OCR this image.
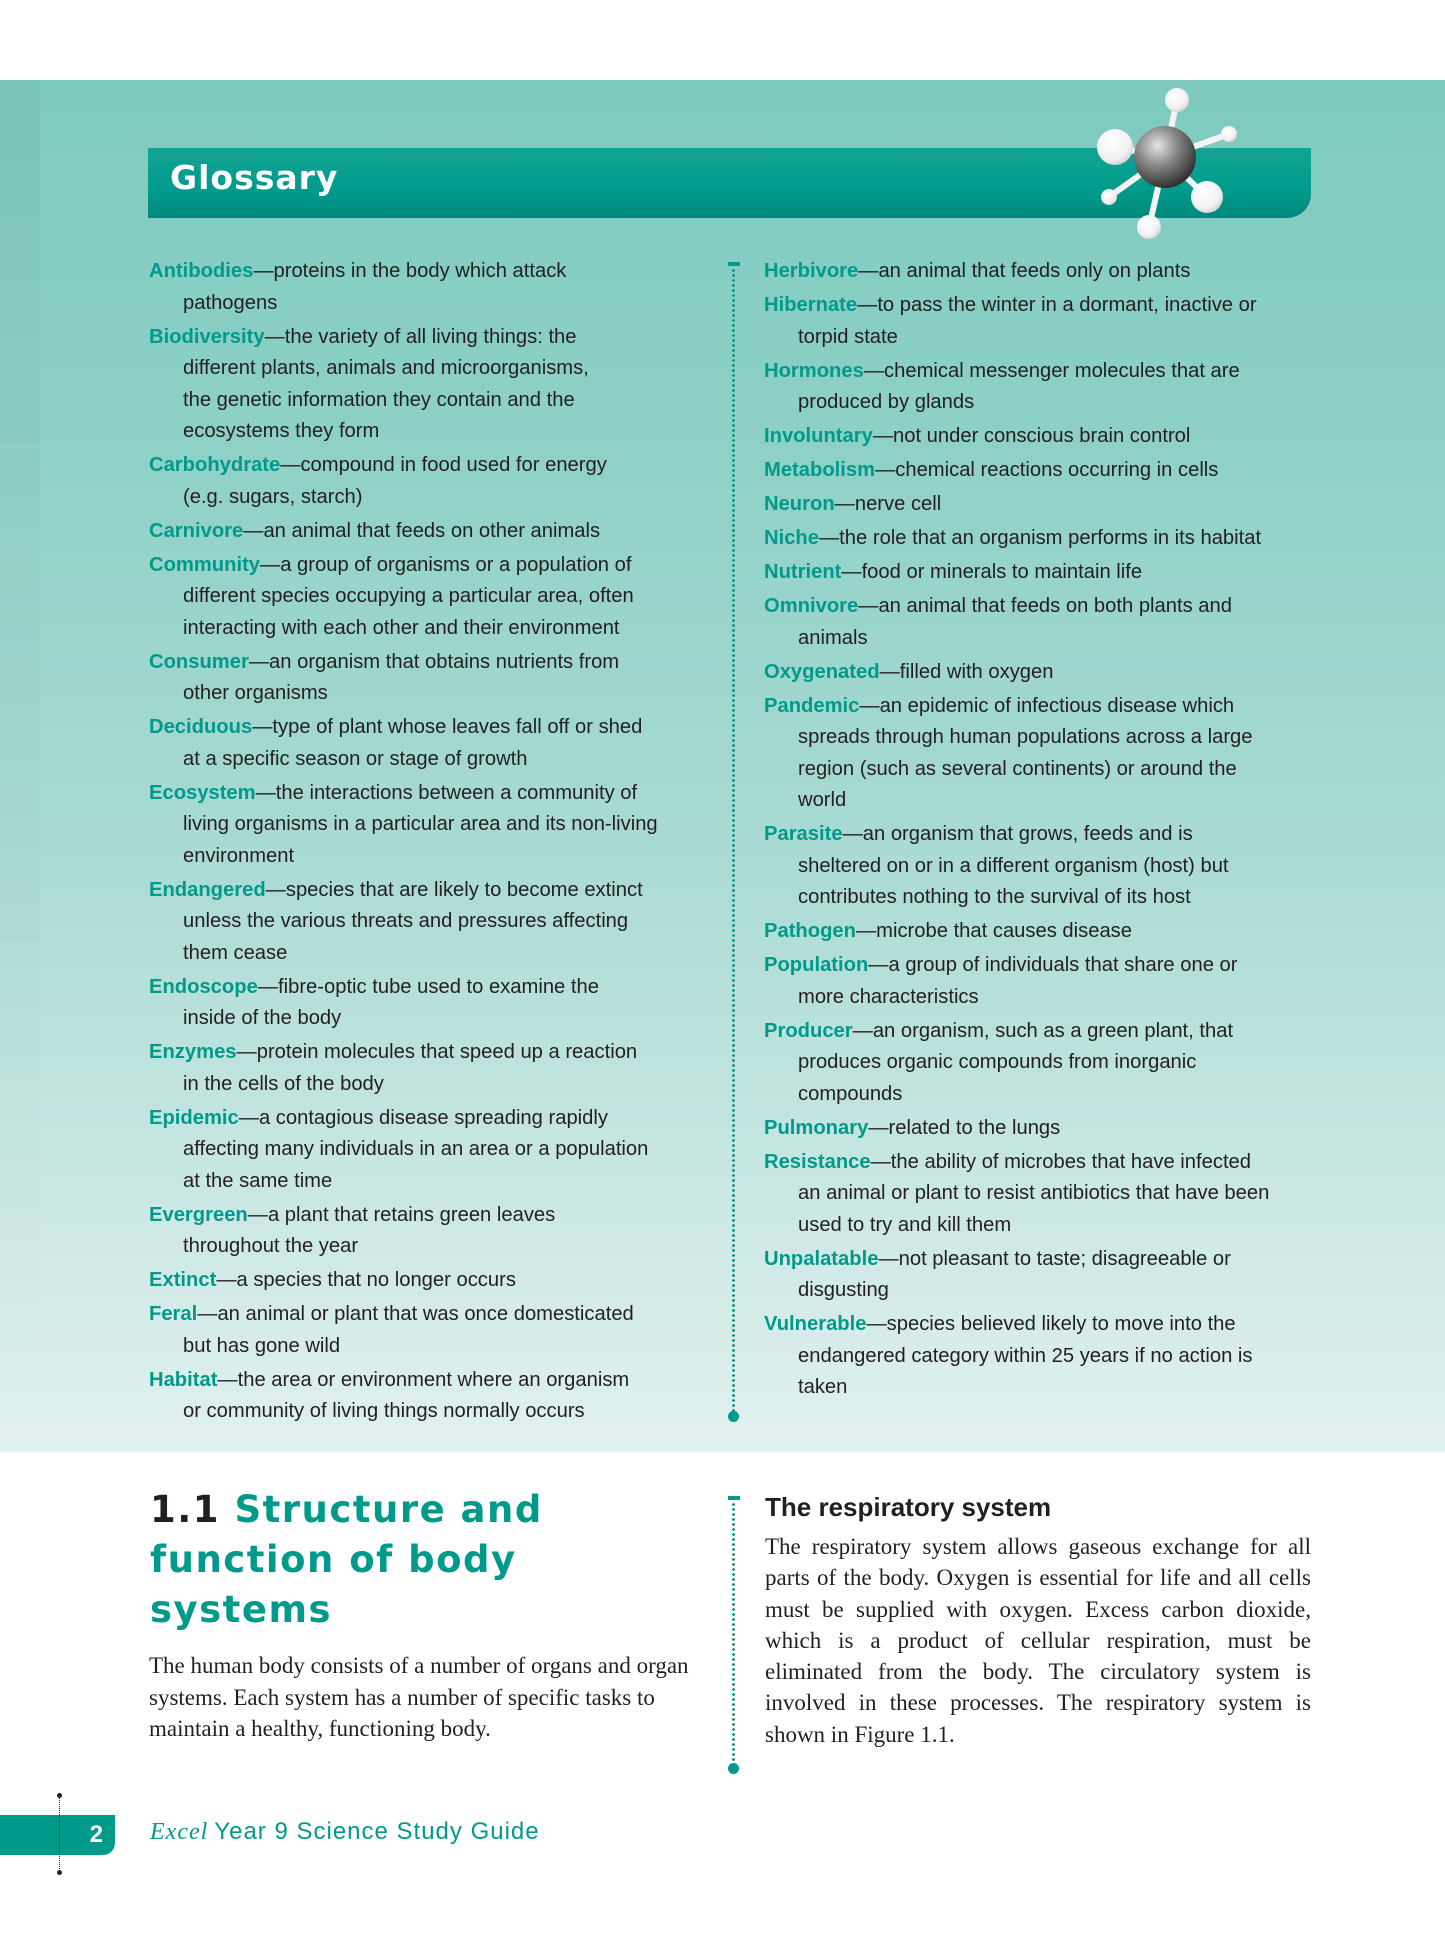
Glossary
Antibodies—proteins in the body which attack
pathogens
Biodiversity—the variety of all living things: the
different plants, animals and microorganisms,
the genetic information they contain and the
ecosystems they form
Carbohydrate—compound in food used for energy
(e.g. sugars, starch)
Carnivore—an animal that feeds on other animals
Community—a group of organisms or a population of
different species occupying a particular area, often
interacting with each other and their environment
Consumer—an organism that obtains nutrients from
other organisms
Deciduous—type of plant whose leaves fall off or shed
at a specific season or stage of growth
Ecosystem—the interactions between a community of
living organisms in a particular area and its non-living
environment
Endangered—species that are likely to become extinct
unless the various threats and pressures affecting
them cease
Endoscope—fibre-optic tube used to examine the
inside of the body
Enzymes—protein molecules that speed up a reaction
in the cells of the body
Epidemic—a contagious disease spreading rapidly
affecting many individuals in an area or a population
at the same time
Evergreen—a plant that retains green leaves
throughout the year
Extinct—a species that no longer occurs
Feral—an animal or plant that was once domesticated
but has gone wild
Habitat—the area or environment where an organism
or community of living things normally occurs
Herbivore—an animal that feeds only on plants
Hibernate—to pass the winter in a dormant, inactive or
torpid state
Hormones—chemical messenger molecules that are
produced by glands
Involuntary—not under conscious brain control
Metabolism—chemical reactions occurring in cells
Neuron—nerve cell
Niche—the role that an organism performs in its habitat
Nutrient—food or minerals to maintain life
Omnivore—an animal that feeds on both plants and
animals
Oxygenated—filled with oxygen
Pandemic—an epidemic of infectious disease which
spreads through human populations across a large
region (such as several continents) or around the
world
Parasite—an organism that grows, feeds and is
sheltered on or in a different organism (host) but
contributes nothing to the survival of its host
Pathogen—microbe that causes disease
Population—a group of individuals that share one or
more characteristics
Producer—an organism, such as a green plant, that
produces organic compounds from inorganic
compounds
Pulmonary—related to the lungs
Resistance—the ability of microbes that have infected
an animal or plant to resist antibiotics that have been
used to try and kill them
Unpalatable—not pleasant to taste; disagreeable or
disgusting
Vulnerable—species believed likely to move into the
endangered category within 25 years if no action is
taken
1.1 Structure and
function of body
systems

The human body consists of a number of organs and organ systems. Each system has a number of specific tasks to maintain a healthy, functioning body.

The respiratory system

The respiratory system allows gaseous exchange for all parts of the body. Oxygen is essential for life and all cells must be supplied with oxygen. Excess carbon dioxide, which is a product of cellular respiration, must be eliminated from the body. The circulatory system is involved in these processes. The respiratory system is shown in Figure 1.1.

2 Excel Year 9 Science Study Guide
